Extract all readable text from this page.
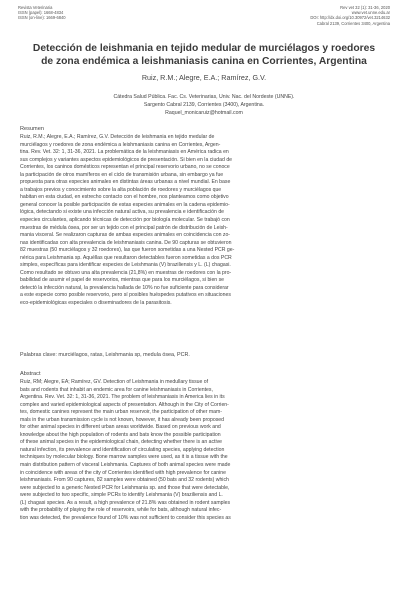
Revista Veterinaria
ISSN (papel): 1668-4834
ISSN (on-line): 1669-6840
Rev vet 32 (1): 31-36, 2020
www.vet.unne.edu.ar
DOI: http://dx.doi.org/10.30972/vet.3214632
Cabral 2139, Corrientes 3400, Argentina
Detección de leishmania en tejido medular de murciélagos y roedores
de zona endémica a leishmaniasis canina en Corrientes, Argentina
Ruiz, R.M.; Alegre, E.A.; Ramírez, G.V.
Cátedra Salud Pública. Fac. Cs. Veterinarias, Univ. Nac. del Nordeste (UNNE).
Sargento Cabral 2139, Corrientes (3400), Argentina.
Raquel_monicaruiz@hotmail.com
Resumen
Ruiz, R.M.; Alegre, E.A.; Ramírez, G.V. Detección de leishmania en tejido medular de
murciélagos y roedores de zona endémica a leishmaniasis canina en Corrientes, Argen-
tina. Rev. Vet. 32: 1, 31-36, 2021. La problemática de la leishmaniasis en América radica en
sus complejos y variantes aspectos epidemiológicos de presentación. Si bien en la ciudad de
Corrientes, los caninos domésticos representan el principal reservorio urbano, no se conoce
la participación de otros mamíferos en el ciclo de transmisión urbana, sin embargo ya fue
propuesta para otras especies animales en distintas áreas urbanas a nivel mundial. En base
a trabajos previos y conocimiento sobre la alta población de roedores y murciélagos que
habitan en esta ciudad, en estrecho contacto con el hombre, nos planteamos como objetivo
general conocer la posible participación de estas especies animales en la cadena epidemio-
lógica, detectando si existe una infección natural activa, su prevalencia e identificación de
especies circulantes, aplicando técnicas de detección por biología molecular. Se trabajó con
muestras de médula ósea, por ser un tejido con el principal patrón de distribución de Leish-
mania visceral. Se realizaron capturas de ambas especies animales en coincidencia con zo-
nas identificadas con alta prevalencia de leishmaniasis canina. De 90 capturas se obtuvieron
82 muestras (50 murciélagos y 32 roedores), las que fueron sometidas a una Nested PCR ge-
nérica para Leishmania sp. Aquéllas que resultaron detectables fueron sometidas a dos PCR
simples, específicas para identificar especies de Leishmania (V) braziliensis y L. (L) chagasi.
Como resultado se obtuvo una alta prevalencia (21,8%) en muestras de roedores con la pro-
babilidad de asumir el papel de reservorios, mientras que para los murciélagos, si bien se
detectó la infección natural, la prevalencia hallada de 10% no fue suficiente para considerar
a este especie como posible reservorio, pero sí posibles huéspedes putativos en situaciones
eco-epidemiológicas especiales o diseminadores de la parasitosis.
Palabras clave: murciélagos, ratas, Leishmania sp, medula ósea, PCR.
Abstract
Ruiz, RM; Alegre, EA; Ramírez, GV. Detection of Leishmania in medullary tissue of
bats and rodents that inhabit an endemic area for canine leishmaniasis in Corrientes,
Argentina. Rev. Vet. 32: 1, 31-36, 2021. The problem of leishmaniasis in America lies in its
complex and varied epidemiological aspects of presentation. Although in the City of Corrien-
tes, domestic canines represent the main urban reservoir, the participation of other mam-
mals in the urban transmission cycle is not known, however, it has already been proposed
for other animal species in different urban areas worldwide. Based on previous work and
knowledge about the high population of rodents and bats know the possible participation
of these animal species in the epidemiological chain, detecting whether there is an active
natural infection, its prevalence and identification of circulating species, applying detection
techniques by molecular biology. Bone marrow samples were used, as it is a tissue with the
main distribution pattern of visceral Leishmania. Captures of both animal species were made
in coincidence with areas of the city of Corrientes identified with high prevalence for canine
leishmaniasis. From 90 captures, 82 samples were obtained (50 bats and 32 rodents) which
were subjected to a generic Nested PCR for Leishmania sp. and those that were detectable,
were subjected to two specific, simple PCRs to identify Leishmania (V) braziliensis and L.
(L) chagasi species. As a result, a high prevalence of 21.8% was obtained in rodent samples
with the probability of playing the role of reservoirs, while for bats, although natural infec-
tion was detected, the prevalence found of 10% was not sufficient to consider this species as
